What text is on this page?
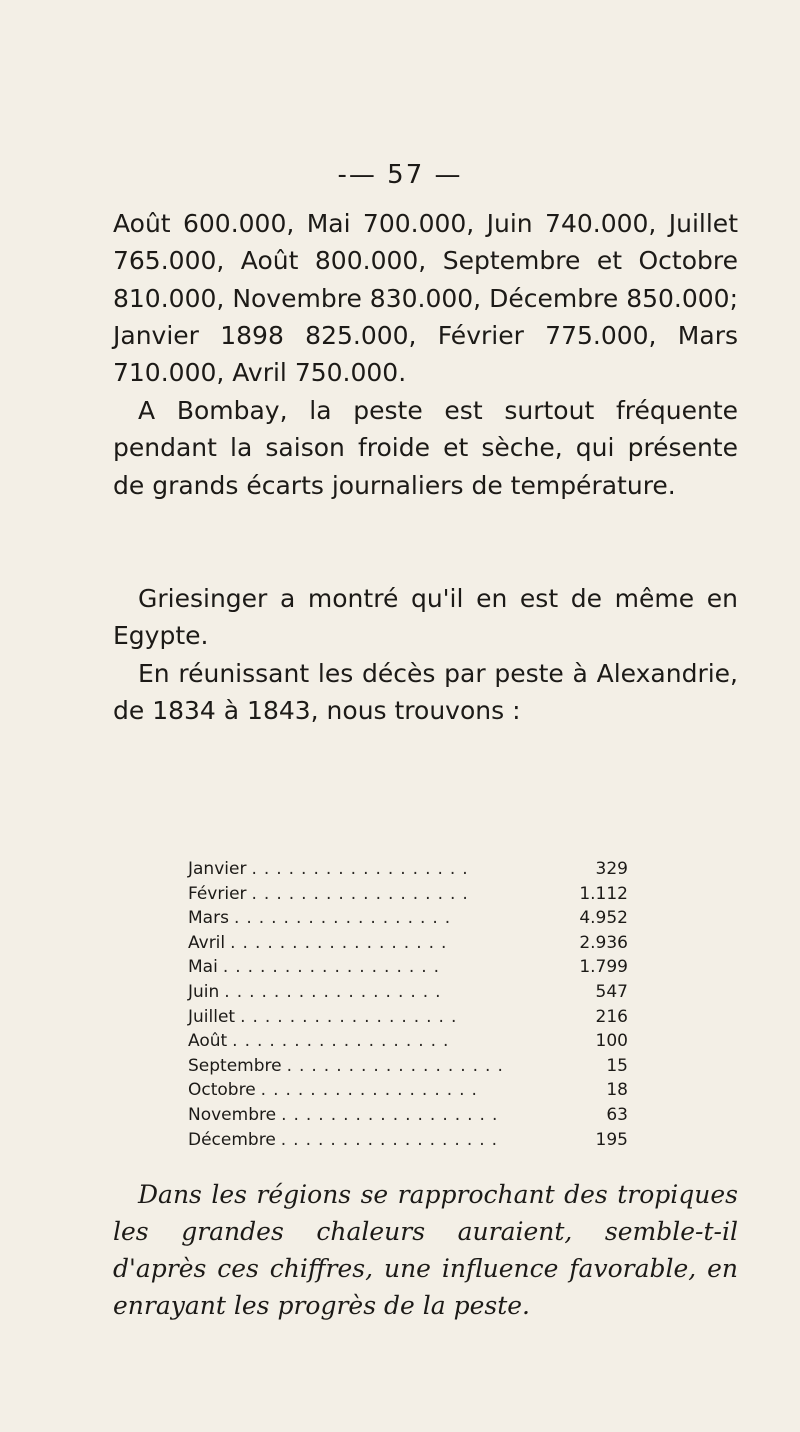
-— 57 —

Août 600.000, Mai 700.000, Juin 740.000, Juillet 765.000, Août 800.000, Septembre et Octobre 810.000, Novembre 830.000, Décembre 850.000; Janvier 1898 825.000, Février 775.000, Mars 710.000, Avril 750.000.

A Bombay, la peste est surtout fréquente pendant la saison froide et sèche, qui présente de grands écarts journaliers de température.

Griesinger a montré qu'il en est de même en Egypte.

En réunissant les décès par peste à Alexandrie, de 1834 à 1843, nous trouvons :

Janvier ..................	329
Février ..................	1.112
Mars ..................	4.952
Avril ..................	2.936
Mai ..................	1.799
Juin ..................	547
Juillet ..................	216
Août ..................	100
Septembre ..................	15
Octobre ..................	18
Novembre ..................	63
Décembre ..................	195

Dans les régions se rapprochant des tropiques les grandes chaleurs auraient, semble-t-il d'après ces chiffres, une influence favorable, en enrayant les progrès de la peste.
